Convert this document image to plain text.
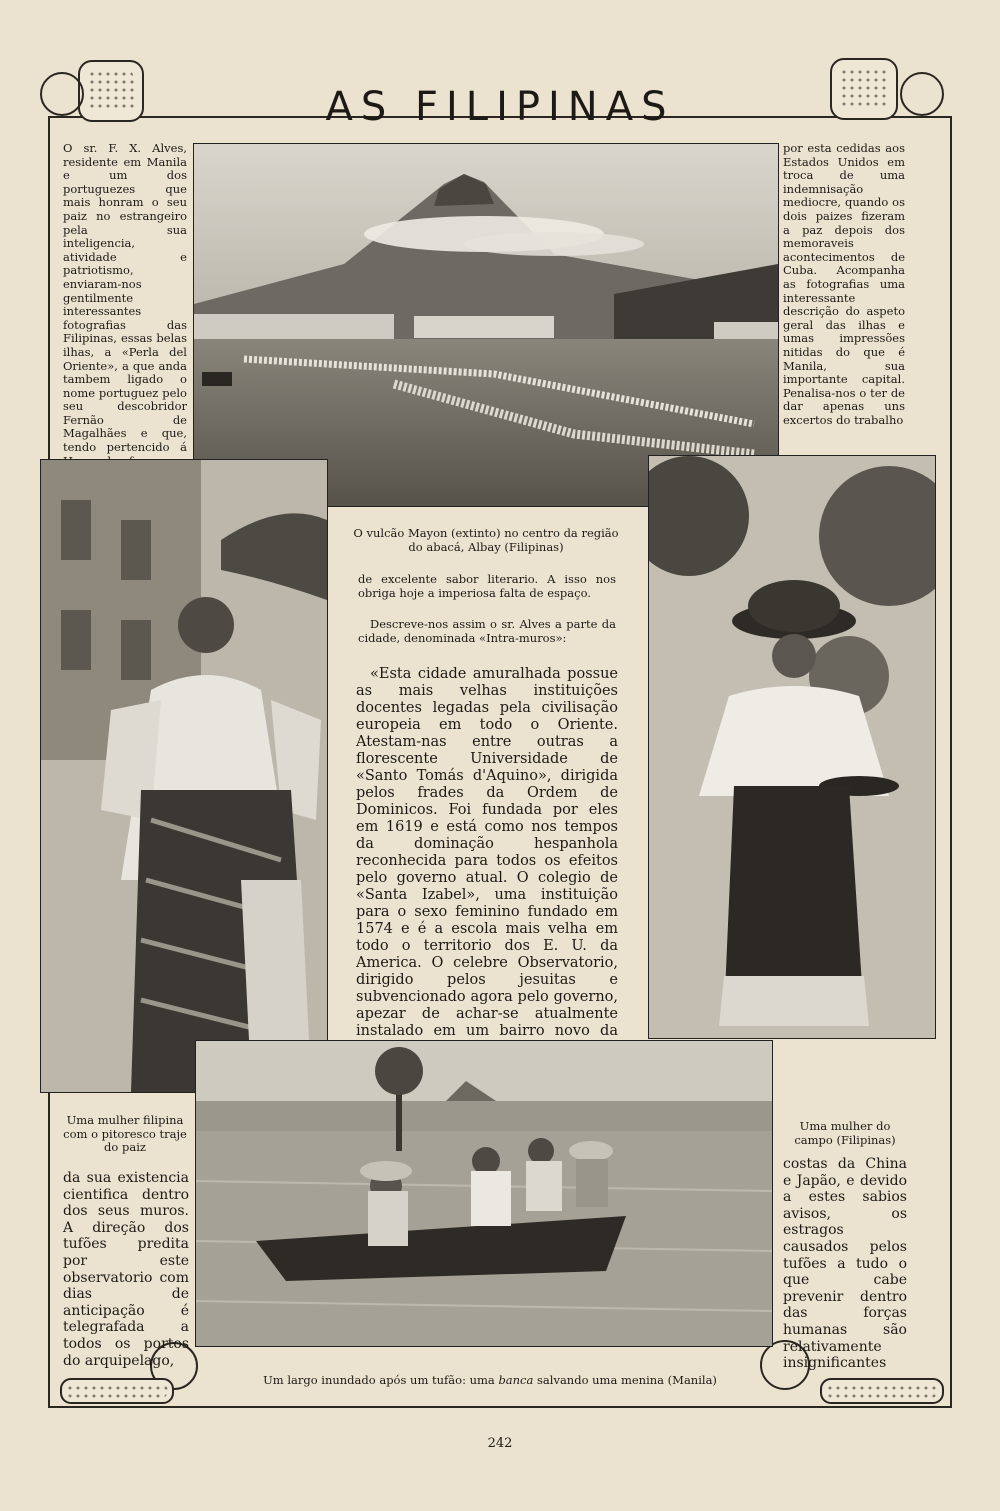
AS FILIPINAS

O sr. F. X. Alves, residente em Manila e um dos portuguezes que mais honram o seu paiz no estrangeiro pela sua inteligencia, atividade e patriotismo, enviaram-nos gentilmente interessantes fotografias das Filipinas, essas belas ilhas, a «Perla del Oriente», a que anda tambem ligado o nome portuguez pelo seu descobridor Fernão de Magalhães e que, tendo pertencido á

por esta cedidas aos Estados Unidos em troca de uma indemnisação mediocre, quando os dois paizes fizeram a paz depois dos memoraveis acontecimentos de Cuba. Acompanha as fotografias uma interessante descrição do aspeto geral das ilhas e umas impressões nitidas do que é Manila, sua importante capital. Penalisa-nos o ter de dar apenas uns excertos do trabalho

O vulcão Mayon (extinto) no centro da região do abacá, Albay (Filipinas)

de excelente sabor literario. A isso nos obriga hoje a imperiosa falta de espaço.

Descreve-nos assim o sr. Alves a parte da cidade, denominada «Intra-muros»:

«Esta cidade amuralhada possue as mais velhas instituições docentes legadas pela civilisação europeia em todo o Oriente. Atestam-nas entre outras a florescente Universidade de «Santo Tomás d'Aquino», dirigida pelos frades da Ordem de Dominicos. Foi fundada por eles em 1619 e está como nos tempos da dominação hespanhola reconhecida para todos os efeitos pelo governo atual. O colegio de «Santa Izabel», uma instituição para o sexo feminino fundado em 1574 e é a escola mais velha em todo o territorio dos E. U. da America. O celebre Observatorio, dirigido pelos jesuitas e subvencionado agora pelo governo, apezar de achar-se atualmente instalado em um bairro novo da

Uma mulher filipina com o pitoresco traje do paiz

da sua existencia cientifica dentro dos seus muros. A direção dos tufões predita por este observatorio com dias de anticipação é telegrafada a todos os portos do arquipelago,

Uma mulher do campo (Filipinas)

costas da China e Japão, e devido a estes sabios avisos, os estragos causados pelos tufões a tudo o que cabe prevenir dentro das forças humanas são relativamente insignificantes

Um largo inundado após um tufão: uma banca salvando uma menina (Manila)

242
